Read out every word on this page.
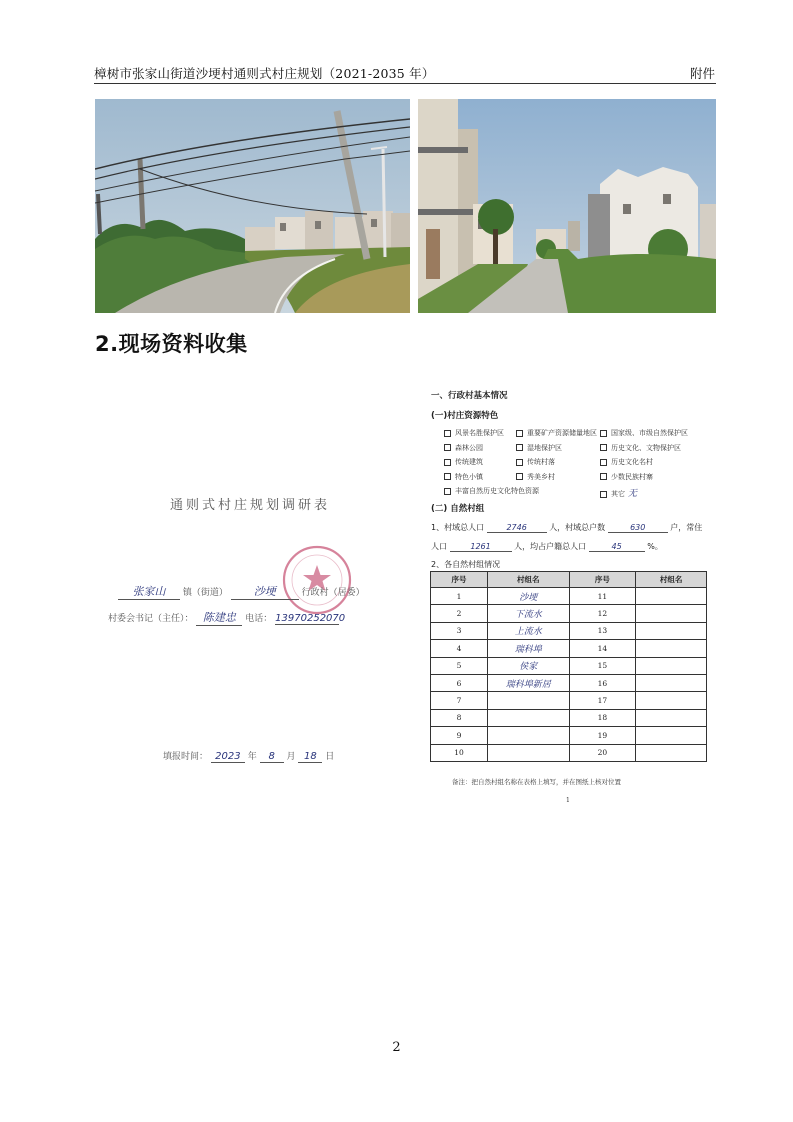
樟树市张家山街道沙埂村通则式村庄规划（2021-2035 年）	附件
2.现场资料收集
通则式村庄规划调研表
张家山 镇（街道） 沙埂	行政村（居委）
村委会书记（主任）： 陈建忠 电话： 13970252070
填报时间： 2023 年 8 月 18 日
一、行政村基本情况
(一)村庄资源特色
风景名胜保护区	重要矿产资源储量地区	国家级、市级自然保护区
森林公园	湿地保护区	历史文化、文物保护区
传统建筑	传统村落	历史文化名村
特色小镇	秀美乡村	少数民族村寨
丰富自然历史文化特色资源	其它 无
(二) 自然村组
1、村域总人口	2746	人，村域总户数	630	户，常住
人口	1261	人，均占户籍总人口	45	%。
2、各自然村组情况
序号	村组名	序号	村组名
1	沙埂	11	
2	下流水	12	
3	上流水	13	
4	瑞科埠	14	
5	侯家	15	
6	瑞科埠新居	16	
7		17	
8		18	
9		19	
10		20	
备注：把自然村组名称在表格上填写，并在图纸上核对位置
1
2
